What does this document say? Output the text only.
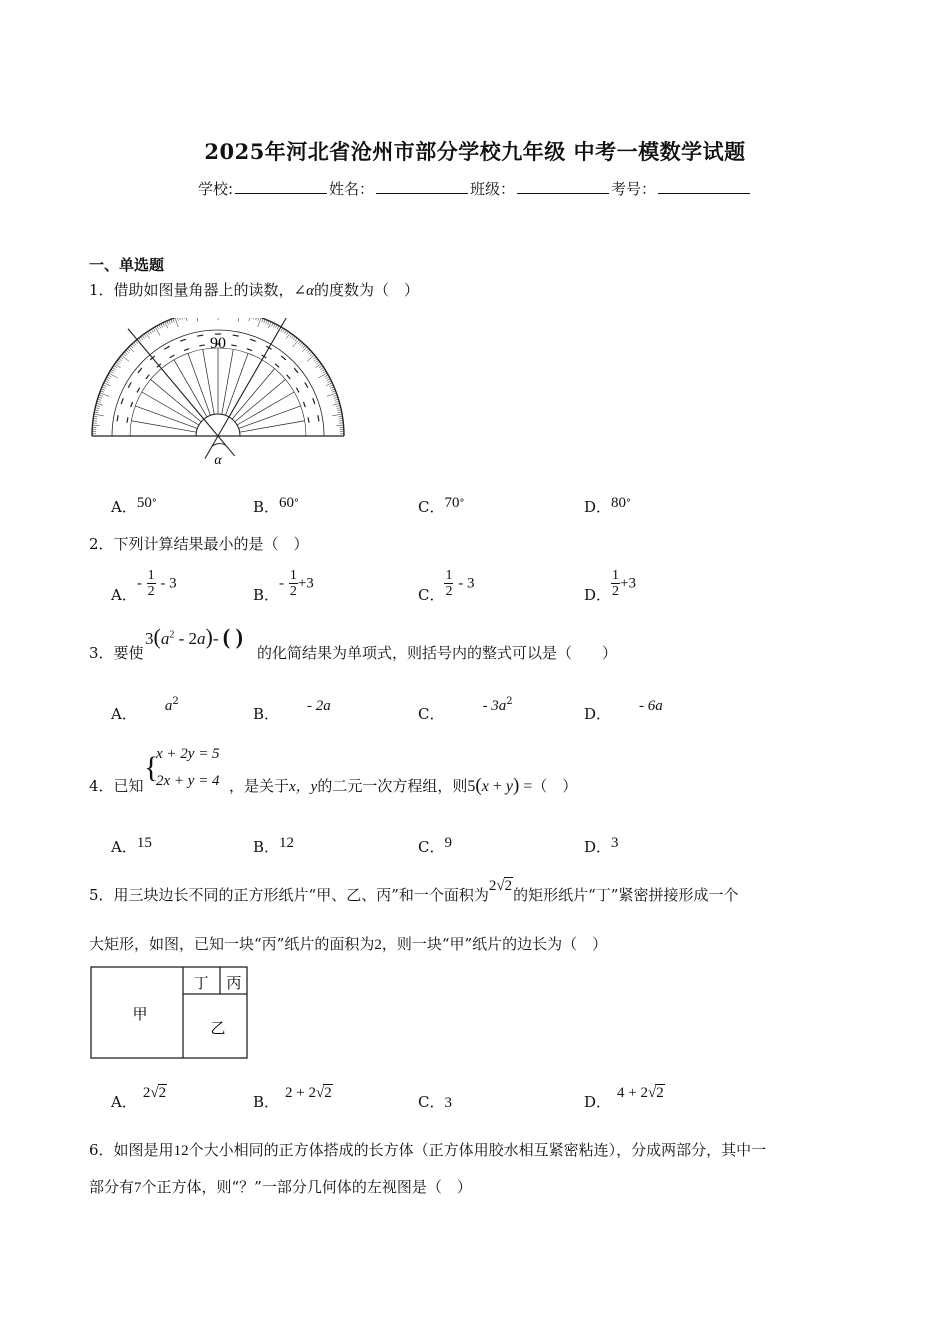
2025年河北省沧州市部分学校九年级 中考一模数学试题
学校:	姓名：	班级：	考号：
一、单选题
1．借助如图量角器上的读数，∠α的度数为（　）
90
α
A．50°	B．60°	C．70°	D．80°
2．下列计算结果最小的是（　）
A．- $\frac{1}{2} - 3$
B．- $\frac{1}{2} +3$
C． $\frac{1}{2} - 3$
D． $\frac{1}{2} +3$
3．要使
$3(a^2 - 2a)-$ ( )
的化简结果为单项式，则括号内的整式可以是（　　）
A． $a^2$
B． - 2a	C．	- $3a^2$
D． - 6a
4．已知
{
x + 2y = 5
2x + y = 4 ，是关于x，y的二元一次方程组，则5(x + y) =（　）
A．15	B．12	C．9	D．3
5．用三块边长不同的正方形纸片“甲、乙、丙”和一个面积为2√2的矩形纸片“丁”紧密拼接形成一个
大矩形，如图，已知一块“丙”纸片的面积为2，则一块“甲”纸片的边长为（　）
甲
乙
丁 丙
A． 2√2	B． 2 + 2√2	C．3	D． 4 + 2√2
6．如图是用12个大小相同的正方体搭成的长方体（正方体用胶水相互紧密粘连），分成两部分，其中一
部分有7个正方体，则“？”一部分几何体的左视图是（　）
